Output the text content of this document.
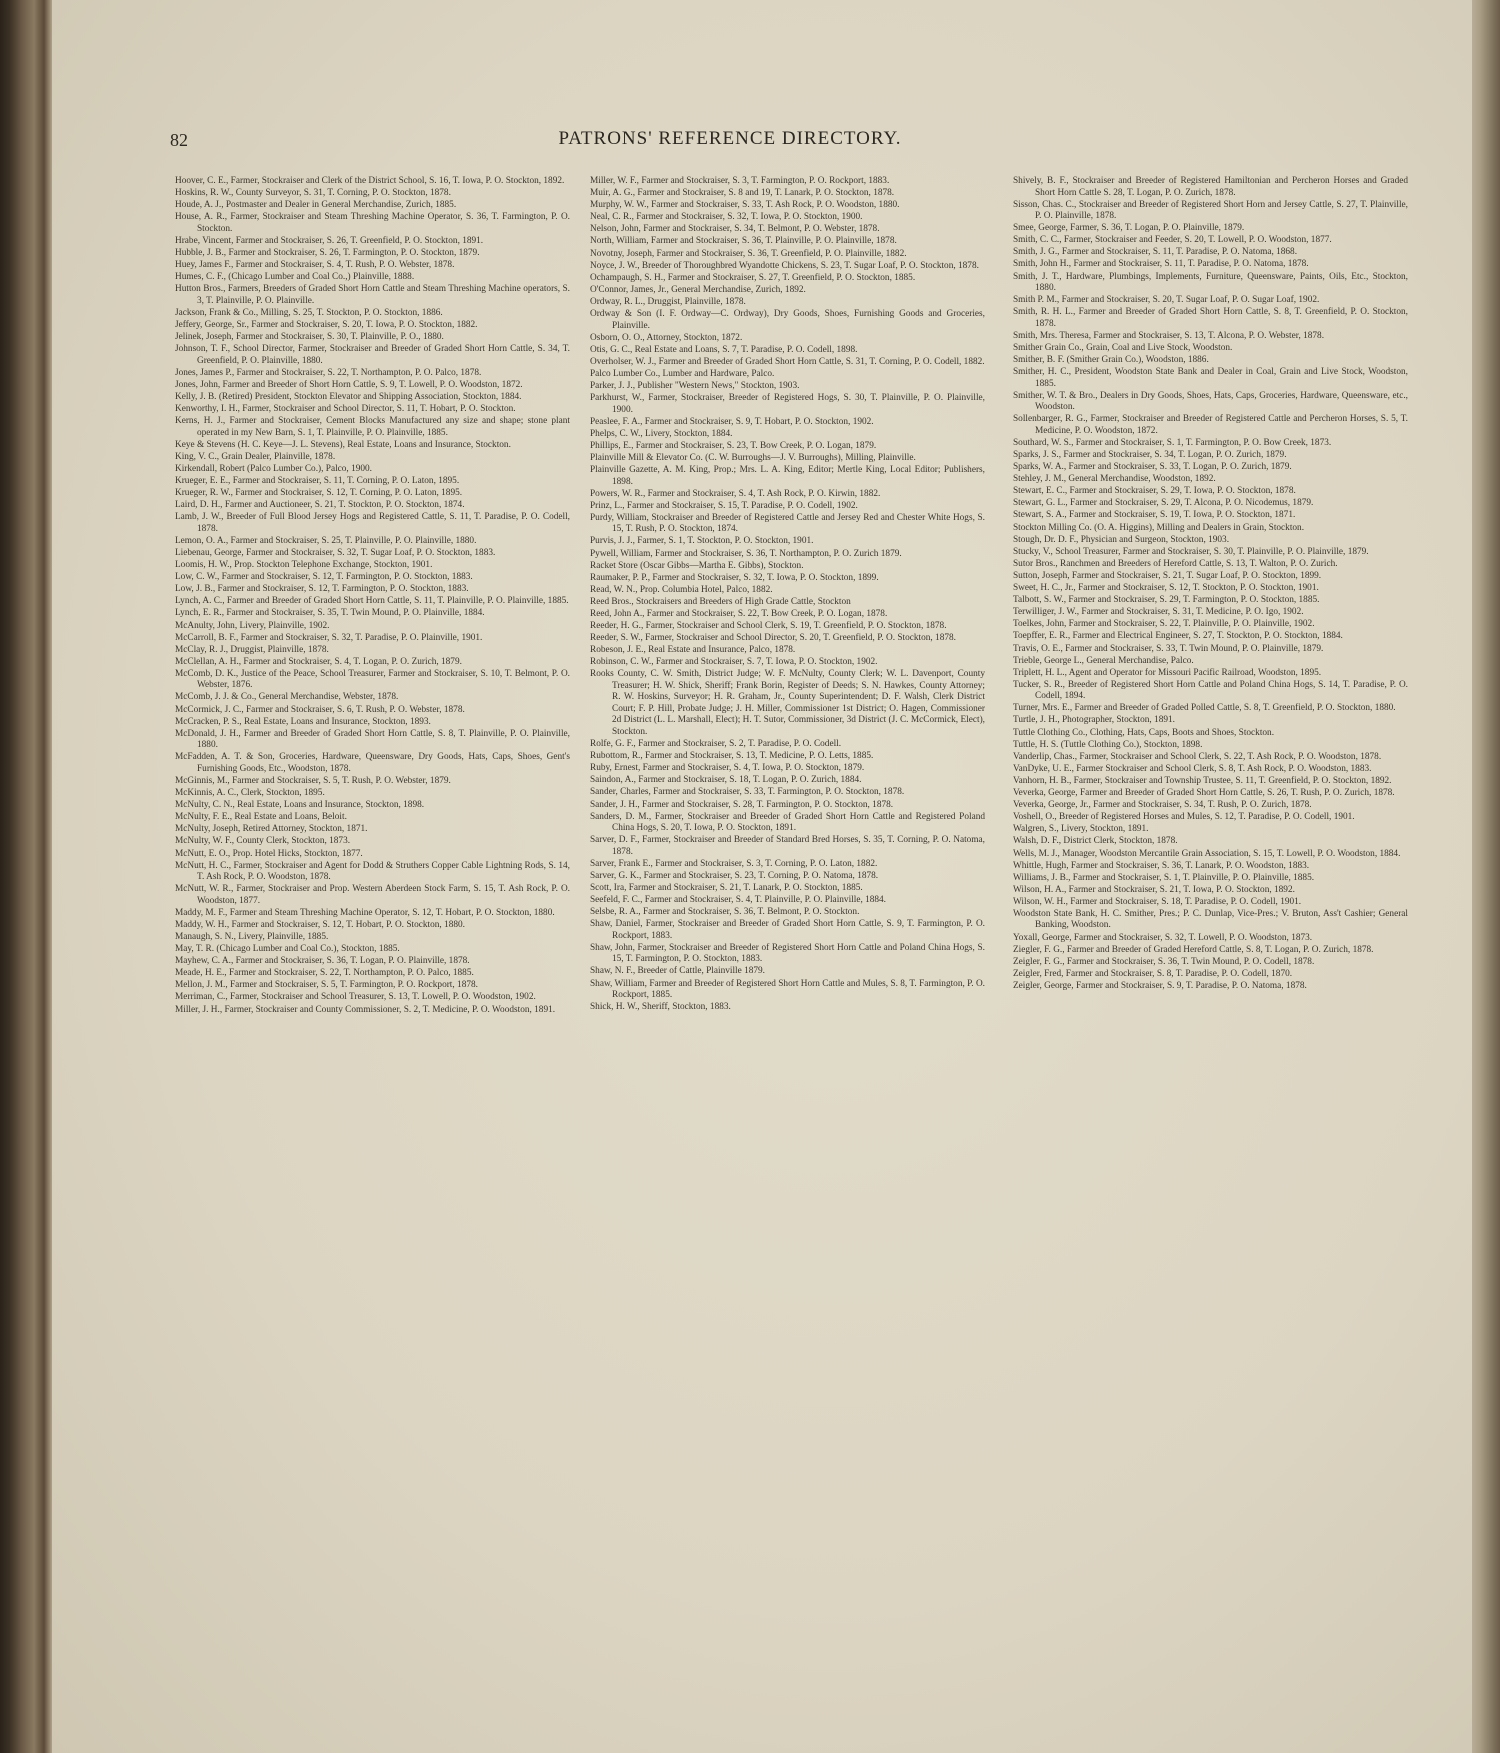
82	PATRONS' REFERENCE DIRECTORY.

Hoover, C. E., Farmer, Stockraiser and Clerk of the District School, S. 16, T. Iowa, P. O. Stockton, 1892.

Hoskins, R. W., County Surveyor, S. 31, T. Corning, P. O. Stockton, 1878.

Houde, A. J., Postmaster and Dealer in General Merchandise, Zurich, 1885.

House, A. R., Farmer, Stockraiser and Steam Threshing Machine Operator, S. 36, T. Farmington, P. O. Stockton.

Hrabe, Vincent, Farmer and Stockraiser, S. 26, T. Greenfield, P. O. Stockton, 1891.

Hubble, J. B., Farmer and Stockraiser, S. 26, T. Farmington, P. O. Stockton, 1879.

Huey, James F., Farmer and Stockraiser, S. 4, T. Rush, P. O. Webster, 1878.

Humes, C. F., (Chicago Lumber and Coal Co.,) Plainville, 1888.

Hutton Bros., Farmers, Breeders of Graded Short Horn Cattle and Steam Threshing Machine operators, S. 3, T. Plainville, P. O. Plainville.

Jackson, Frank & Co., Milling, S. 25, T. Stockton, P. O. Stockton, 1886.

Jeffery, George, Sr., Farmer and Stockraiser, S. 20, T. Iowa, P. O. Stockton, 1882.

Jelinek, Joseph, Farmer and Stockraiser, S. 30, T. Plainville, P. O., 1880.

Johnson, T. F., School Director, Farmer, Stockraiser and Breeder of Graded Short Horn Cattle, S. 34, T. Greenfield, P. O. Plainville, 1880.

Jones, James P., Farmer and Stockraiser, S. 22, T. Northampton, P. O. Palco, 1878.

Jones, John, Farmer and Breeder of Short Horn Cattle, S. 9, T. Lowell, P. O. Woodston, 1872.

Kelly, J. B. (Retired) President, Stockton Elevator and Shipping Association, Stockton, 1884.

Kenworthy, I. H., Farmer, Stockraiser and School Director, S. 11, T. Hobart, P. O. Stockton.

Kerns, H. J., Farmer and Stockraiser, Cement Blocks Manufactured any size and shape; stone plant operated in my New Barn, S. 1, T. Plainville, P. O. Plainville, 1885.

Keye & Stevens (H. C. Keye—J. L. Stevens), Real Estate, Loans and Insurance, Stockton.

King, V. C., Grain Dealer, Plainville, 1878.

Kirkendall, Robert (Palco Lumber Co.), Palco, 1900.

Krueger, E. E., Farmer and Stockraiser, S. 11, T. Corning, P. O. Laton, 1895.

Krueger, R. W., Farmer and Stockraiser, S. 12, T. Corning, P. O. Laton, 1895.

Laird, D. H., Farmer and Auctioneer, S. 21, T. Stockton, P. O. Stockton, 1874.

Lamb, J. W., Breeder of Full Blood Jersey Hogs and Registered Cattle, S. 11, T. Paradise, P. O. Codell, 1878.

Lemon, O. A., Farmer and Stockraiser, S. 25, T. Plainville, P. O. Plainville, 1880.

Liebenau, George, Farmer and Stockraiser, S. 32, T. Sugar Loaf, P. O. Stockton, 1883.

Loomis, H. W., Prop. Stockton Telephone Exchange, Stockton, 1901.

Low, C. W., Farmer and Stockraiser, S. 12, T. Farmington, P. O. Stockton, 1883.

Low, J. B., Farmer and Stockraiser, S. 12, T. Farmington, P. O. Stockton, 1883.

Lynch, A. C., Farmer and Breeder of Graded Short Horn Cattle, S. 11, T. Plainville, P. O. Plainville, 1885.

Lynch, E. R., Farmer and Stockraiser, S. 35, T. Twin Mound, P. O. Plainville, 1884.

McAnulty, John, Livery, Plainville, 1902.

McCarroll, B. F., Farmer and Stockraiser, S. 32, T. Paradise, P. O. Plainville, 1901.

McClay, R. J., Druggist, Plainville, 1878.

McClellan, A. H., Farmer and Stockraiser, S. 4, T. Logan, P. O. Zurich, 1879.

McComb, D. K., Justice of the Peace, School Treasurer, Farmer and Stockraiser, S. 10, T. Belmont, P. O. Webster, 1876.

McComb, J. J. & Co., General Merchandise, Webster, 1878.

McCormick, J. C., Farmer and Stockraiser, S. 6, T. Rush, P. O. Webster, 1878.

McCracken, P. S., Real Estate, Loans and Insurance, Stockton, 1893.

McDonald, J. H., Farmer and Breeder of Graded Short Horn Cattle, S. 8, T. Plainville, P. O. Plainville, 1880.

McFadden, A. T. & Son, Groceries, Hardware, Queensware, Dry Goods, Hats, Caps, Shoes, Gent's Furnishing Goods, Etc., Woodston, 1878.

McGinnis, M., Farmer and Stockraiser, S. 5, T. Rush, P. O. Webster, 1879.

McKinnis, A. C., Clerk, Stockton, 1895.

McNulty, C. N., Real Estate, Loans and Insurance, Stockton, 1898.

McNulty, F. E., Real Estate and Loans, Beloit.

McNulty, Joseph, Retired Attorney, Stockton, 1871.

McNulty, W. F., County Clerk, Stockton, 1873.

McNutt, E. O., Prop. Hotel Hicks, Stockton, 1877.

McNutt, H. C., Farmer, Stockraiser and Agent for Dodd & Struthers Copper Cable Lightning Rods, S. 14, T. Ash Rock, P. O. Woodston, 1878.

McNutt, W. R., Farmer, Stockraiser and Prop. Western Aberdeen Stock Farm, S. 15, T. Ash Rock, P. O. Woodston, 1877.

Maddy, M. F., Farmer and Steam Threshing Machine Operator, S. 12, T. Hobart, P. O. Stockton, 1880.

Maddy, W. H., Farmer and Stockraiser, S. 12, T. Hobart, P. O. Stockton, 1880.

Manaugh, S. N., Livery, Plainville, 1885.

May, T. R. (Chicago Lumber and Coal Co.), Stockton, 1885.

Mayhew, C. A., Farmer and Stockraiser, S. 36, T. Logan, P. O. Plainville, 1878.

Meade, H. E., Farmer and Stockraiser, S. 22, T. Northampton, P. O. Palco, 1885.

Mellon, J. M., Farmer and Stockraiser, S. 5, T. Farmington, P. O. Rockport, 1878.

Merriman, C., Farmer, Stockraiser and School Treasurer, S. 13, T. Lowell, P. O. Woodston, 1902.

Miller, J. H., Farmer, Stockraiser and County Commissioner, S. 2, T. Medicine, P. O. Woodston, 1891.

Miller, W. F., Farmer and Stockraiser, S. 3, T. Farmington, P. O. Rockport, 1883.

Muir, A. G., Farmer and Stockraiser, S. 8 and 19, T. Lanark, P. O. Stockton, 1878.

Murphy, W. W., Farmer and Stockraiser, S. 33, T. Ash Rock, P. O. Woodston, 1880.

Neal, C. R., Farmer and Stockraiser, S. 32, T. Iowa, P. O. Stockton, 1900.

Nelson, John, Farmer and Stockraiser, S. 34, T. Belmont, P. O. Webster, 1878.

North, William, Farmer and Stockraiser, S. 36, T. Plainville, P. O. Plainville, 1878.

Novotny, Joseph, Farmer and Stockraiser, S. 36, T. Greenfield, P. O. Plainville, 1882.

Noyce, J. W., Breeder of Thoroughbred Wyandotte Chickens, S. 23, T. Sugar Loaf, P. O. Stockton, 1878.

Ochampaugh, S. H., Farmer and Stockraiser, S. 27, T. Greenfield, P. O. Stockton, 1885.

O'Connor, James, Jr., General Merchandise, Zurich, 1892.

Ordway, R. L., Druggist, Plainville, 1878.

Ordway & Son (I. F. Ordway—C. Ordway), Dry Goods, Shoes, Furnishing Goods and Groceries, Plainville.

Osborn, O. O., Attorney, Stockton, 1872.

Otis, G. C., Real Estate and Loans, S. 7, T. Paradise, P. O. Codell, 1898.

Overholser, W. J., Farmer and Breeder of Graded Short Horn Cattle, S. 31, T. Corning, P. O. Codell, 1882.

Palco Lumber Co., Lumber and Hardware, Palco.

Parker, J. J., Publisher "Western News," Stockton, 1903.

Parkhurst, W., Farmer, Stockraiser, Breeder of Registered Hogs, S. 30, T. Plainville, P. O. Plainville, 1900.

Peaslee, F. A., Farmer and Stockraiser, S. 9, T. Hobart, P. O. Stockton, 1902.

Phelps, C. W., Livery, Stockton, 1884.

Phillips, E., Farmer and Stockraiser, S. 23, T. Bow Creek, P. O. Logan, 1879.

Plainville Mill & Elevator Co. (C. W. Burroughs—J. V. Burroughs), Milling, Plainville.

Plainville Gazette, A. M. King, Prop.; Mrs. L. A. King, Editor; Mertle King, Local Editor; Publishers, 1898.

Powers, W. R., Farmer and Stockraiser, S. 4, T. Ash Rock, P. O. Kirwin, 1882.

Prinz, L., Farmer and Stockraiser, S. 15, T. Paradise, P. O. Codell, 1902.

Purdy, William, Stockraiser and Breeder of Registered Cattle and Jersey Red and Chester White Hogs, S. 15, T. Rush, P. O. Stockton, 1874.

Purvis, J. J., Farmer, S. 1, T. Stockton, P. O. Stockton, 1901.

Pywell, William, Farmer and Stockraiser, S. 36, T. Northampton, P. O. Zurich 1879.

Racket Store (Oscar Gibbs—Martha E. Gibbs), Stockton.

Raumaker, P. P., Farmer and Stockraiser, S. 32, T. Iowa, P. O. Stockton, 1899.

Read, W. N., Prop. Columbia Hotel, Palco, 1882.

Reed Bros., Stockraisers and Breeders of High Grade Cattle, Stockton

Reed, John A., Farmer and Stockraiser, S. 22, T. Bow Creek, P. O. Logan, 1878.

Reeder, H. G., Farmer, Stockraiser and School Clerk, S. 19, T. Greenfield, P. O. Stockton, 1878.

Reeder, S. W., Farmer, Stockraiser and School Director, S. 20, T. Greenfield, P. O. Stockton, 1878.

Robeson, J. E., Real Estate and Insurance, Palco, 1878.

Robinson, C. W., Farmer and Stockraiser, S. 7, T. Iowa, P. O. Stockton, 1902.

Rooks County, C. W. Smith, District Judge; W. F. McNulty, County Clerk; W. L. Davenport, County Treasurer; H. W. Shick, Sheriff; Frank Borin, Register of Deeds; S. N. Hawkes, County Attorney; R. W. Hoskins, Surveyor; H. R. Graham, Jr., County Superintendent; D. F. Walsh, Clerk District Court; F. P. Hill, Probate Judge; J. H. Miller, Commissioner 1st District; O. Hagen, Commissioner 2d District (L. L. Marshall, Elect); H. T. Sutor, Commissioner, 3d District (J. C. McCormick, Elect), Stockton.

Rolfe, G. F., Farmer and Stockraiser, S. 2, T. Paradise, P. O. Codell.

Rubottom, R., Farmer and Stockraiser, S. 13, T. Medicine, P. O. Letts, 1885.

Ruby, Ernest, Farmer and Stockraiser, S. 4, T. Iowa, P. O. Stockton, 1879.

Saindon, A., Farmer and Stockraiser, S. 18, T. Logan, P. O. Zurich, 1884.

Sander, Charles, Farmer and Stockraiser, S. 33, T. Farmington, P. O. Stockton, 1878.

Sander, J. H., Farmer and Stockraiser, S. 28, T. Farmington, P. O. Stockton, 1878.

Sanders, D. M., Farmer, Stockraiser and Breeder of Graded Short Horn Cattle and Registered Poland China Hogs, S. 20, T. Iowa, P. O. Stockton, 1891.

Sarver, D. F., Farmer, Stockraiser and Breeder of Standard Bred Horses, S. 35, T. Corning, P. O. Natoma, 1878.

Sarver, Frank E., Farmer and Stockraiser, S. 3, T. Corning, P. O. Laton, 1882.

Sarver, G. K., Farmer and Stockraiser, S. 23, T. Corning, P. O. Natoma, 1878.

Scott, Ira, Farmer and Stockraiser, S. 21, T. Lanark, P. O. Stockton, 1885.

Seefeld, F. C., Farmer and Stockraiser, S. 4, T. Plainville, P. O. Plainville, 1884.

Selsbe, R. A., Farmer and Stockraiser, S. 36, T. Belmont, P. O. Stockton.

Shaw, Daniel, Farmer, Stockraiser and Breeder of Graded Short Horn Cattle, S. 9, T. Farmington, P. O. Rockport, 1883.

Shaw, John, Farmer, Stockraiser and Breeder of Registered Short Horn Cattle and Poland China Hogs, S. 15, T. Farmington, P. O. Stockton, 1883.

Shaw, N. F., Breeder of Cattle, Plainville 1879.

Shaw, William, Farmer and Breeder of Registered Short Horn Cattle and Mules, S. 8, T. Farmington, P. O. Rockport, 1885.

Shick, H. W., Sheriff, Stockton, 1883.

Shively, B. F., Stockraiser and Breeder of Registered Hamiltonian and Percheron Horses and Graded Short Horn Cattle S. 28, T. Logan, P. O. Zurich, 1878.

Sisson, Chas. C., Stockraiser and Breeder of Registered Short Horn and Jersey Cattle, S. 27, T. Plainville, P. O. Plainville, 1878.

Smee, George, Farmer, S. 36, T. Logan, P. O. Plainville, 1879.

Smith, C. C., Farmer, Stockraiser and Feeder, S. 20, T. Lowell, P. O. Woodston, 1877.

Smith, J. G., Farmer and Stockraiser, S. 11, T. Paradise, P. O. Natoma, 1868.

Smith, John H., Farmer and Stockraiser, S. 11, T. Paradise, P. O. Natoma, 1878.

Smith, J. T., Hardware, Plumbings, Implements, Furniture, Queensware, Paints, Oils, Etc., Stockton, 1880.

Smith P. M., Farmer and Stockraiser, S. 20, T. Sugar Loaf, P. O. Sugar Loaf, 1902.

Smith, R. H. L., Farmer and Breeder of Graded Short Horn Cattle, S. 8, T. Greenfield, P. O. Stockton, 1878.

Smith, Mrs. Theresa, Farmer and Stockraiser, S. 13, T. Alcona, P. O. Webster, 1878.

Smither Grain Co., Grain, Coal and Live Stock, Woodston.

Smither, B. F. (Smither Grain Co.), Woodston, 1886.

Smither, H. C., President, Woodston State Bank and Dealer in Coal, Grain and Live Stock, Woodston, 1885.

Smither, W. T. & Bro., Dealers in Dry Goods, Shoes, Hats, Caps, Groceries, Hardware, Queensware, etc., Woodston.

Sollenbarger, R. G., Farmer, Stockraiser and Breeder of Registered Cattle and Percheron Horses, S. 5, T. Medicine, P. O. Woodston, 1872.

Southard, W. S., Farmer and Stockraiser, S. 1, T. Farmington, P. O. Bow Creek, 1873.

Sparks, J. S., Farmer and Stockraiser, S. 34, T. Logan, P. O. Zurich, 1879.

Sparks, W. A., Farmer and Stockraiser, S. 33, T. Logan, P. O. Zurich, 1879.

Stehley, J. M., General Merchandise, Woodston, 1892.

Stewart, E. C., Farmer and Stockraiser, S. 29, T. Iowa, P. O. Stockton, 1878.

Stewart, G. L., Farmer and Stockraiser, S. 29, T. Alcona, P. O. Nicodemus, 1879.

Stewart, S. A., Farmer and Stockraiser, S. 19, T. Iowa, P. O. Stockton, 1871.

Stockton Milling Co. (O. A. Higgins), Milling and Dealers in Grain, Stockton.

Stough, Dr. D. F., Physician and Surgeon, Stockton, 1903.

Stucky, V., School Treasurer, Farmer and Stockraiser, S. 30, T. Plainville, P. O. Plainville, 1879.

Sutor Bros., Ranchmen and Breeders of Hereford Cattle, S. 13, T. Walton, P. O. Zurich.

Sutton, Joseph, Farmer and Stockraiser, S. 21, T. Sugar Loaf, P. O. Stockton, 1899.

Sweet, H. C., Jr., Farmer and Stockraiser, S. 12, T. Stockton, P. O. Stockton, 1901.

Talbott, S. W., Farmer and Stockraiser, S. 29, T. Farmington, P. O. Stockton, 1885.

Terwilliger, J. W., Farmer and Stockraiser, S. 31, T. Medicine, P. O. Igo, 1902.

Toelkes, John, Farmer and Stockraiser, S. 22, T. Plainville, P. O. Plainville, 1902.

Toepffer, E. R., Farmer and Electrical Engineer, S. 27, T. Stockton, P. O. Stockton, 1884.

Travis, O. E., Farmer and Stockraiser, S. 33, T. Twin Mound, P. O. Plainville, 1879.

Trieble, George L., General Merchandise, Palco.

Triplett, H. L., Agent and Operator for Missouri Pacific Railroad, Woodston, 1895.

Tucker, S. R., Breeder of Registered Short Horn Cattle and Poland China Hogs, S. 14, T. Paradise, P. O. Codell, 1894.

Turner, Mrs. E., Farmer and Breeder of Graded Polled Cattle, S. 8, T. Greenfield, P. O. Stockton, 1880.

Turtle, J. H., Photographer, Stockton, 1891.

Tuttle Clothing Co., Clothing, Hats, Caps, Boots and Shoes, Stockton.

Tuttle, H. S. (Tuttle Clothing Co.), Stockton, 1898.

Vanderlip, Chas., Farmer, Stockraiser and School Clerk, S. 22, T. Ash Rock, P. O. Woodston, 1878.

VanDyke, U. E., Farmer Stockraiser and School Clerk, S. 8, T. Ash Rock, P. O. Woodston, 1883.

Vanhorn, H. B., Farmer, Stockraiser and Township Trustee, S. 11, T. Greenfield, P. O. Stockton, 1892.

Veverka, George, Farmer and Breeder of Graded Short Horn Cattle, S. 26, T. Rush, P. O. Zurich, 1878.

Veverka, George, Jr., Farmer and Stockraiser, S. 34, T. Rush, P. O. Zurich, 1878.

Voshell, O., Breeder of Registered Horses and Mules, S. 12, T. Paradise, P. O. Codell, 1901.

Walgren, S., Livery, Stockton, 1891.

Walsh, D. F., District Clerk, Stockton, 1878.

Wells, M. J., Manager, Woodston Mercantile Grain Association, S. 15, T. Lowell, P. O. Woodston, 1884.

Whittle, Hugh, Farmer and Stockraiser, S. 36, T. Lanark, P. O. Woodston, 1883.

Williams, J. B., Farmer and Stockraiser, S. 1, T. Plainville, P. O. Plainville, 1885.

Wilson, H. A., Farmer and Stockraiser, S. 21, T. Iowa, P. O. Stockton, 1892.

Wilson, W. H., Farmer and Stockraiser, S. 18, T. Paradise, P. O. Codell, 1901.

Woodston State Bank, H. C. Smither, Pres.; P. C. Dunlap, Vice-Pres.; V. Bruton, Ass't Cashier; General Banking, Woodston.

Yoxall, George, Farmer and Stockraiser, S. 32, T. Lowell, P. O. Woodston, 1873.

Ziegler, F. G., Farmer and Breeder of Graded Hereford Cattle, S. 8, T. Logan, P. O. Zurich, 1878.

Zeigler, F. G., Farmer and Stockraiser, S. 36, T. Twin Mound, P. O. Codell, 1878.

Zeigler, Fred, Farmer and Stockraiser, S. 8, T. Paradise, P. O. Codell, 1870.

Zeigler, George, Farmer and Stockraiser, S. 9, T. Paradise, P. O. Natoma, 1878.
